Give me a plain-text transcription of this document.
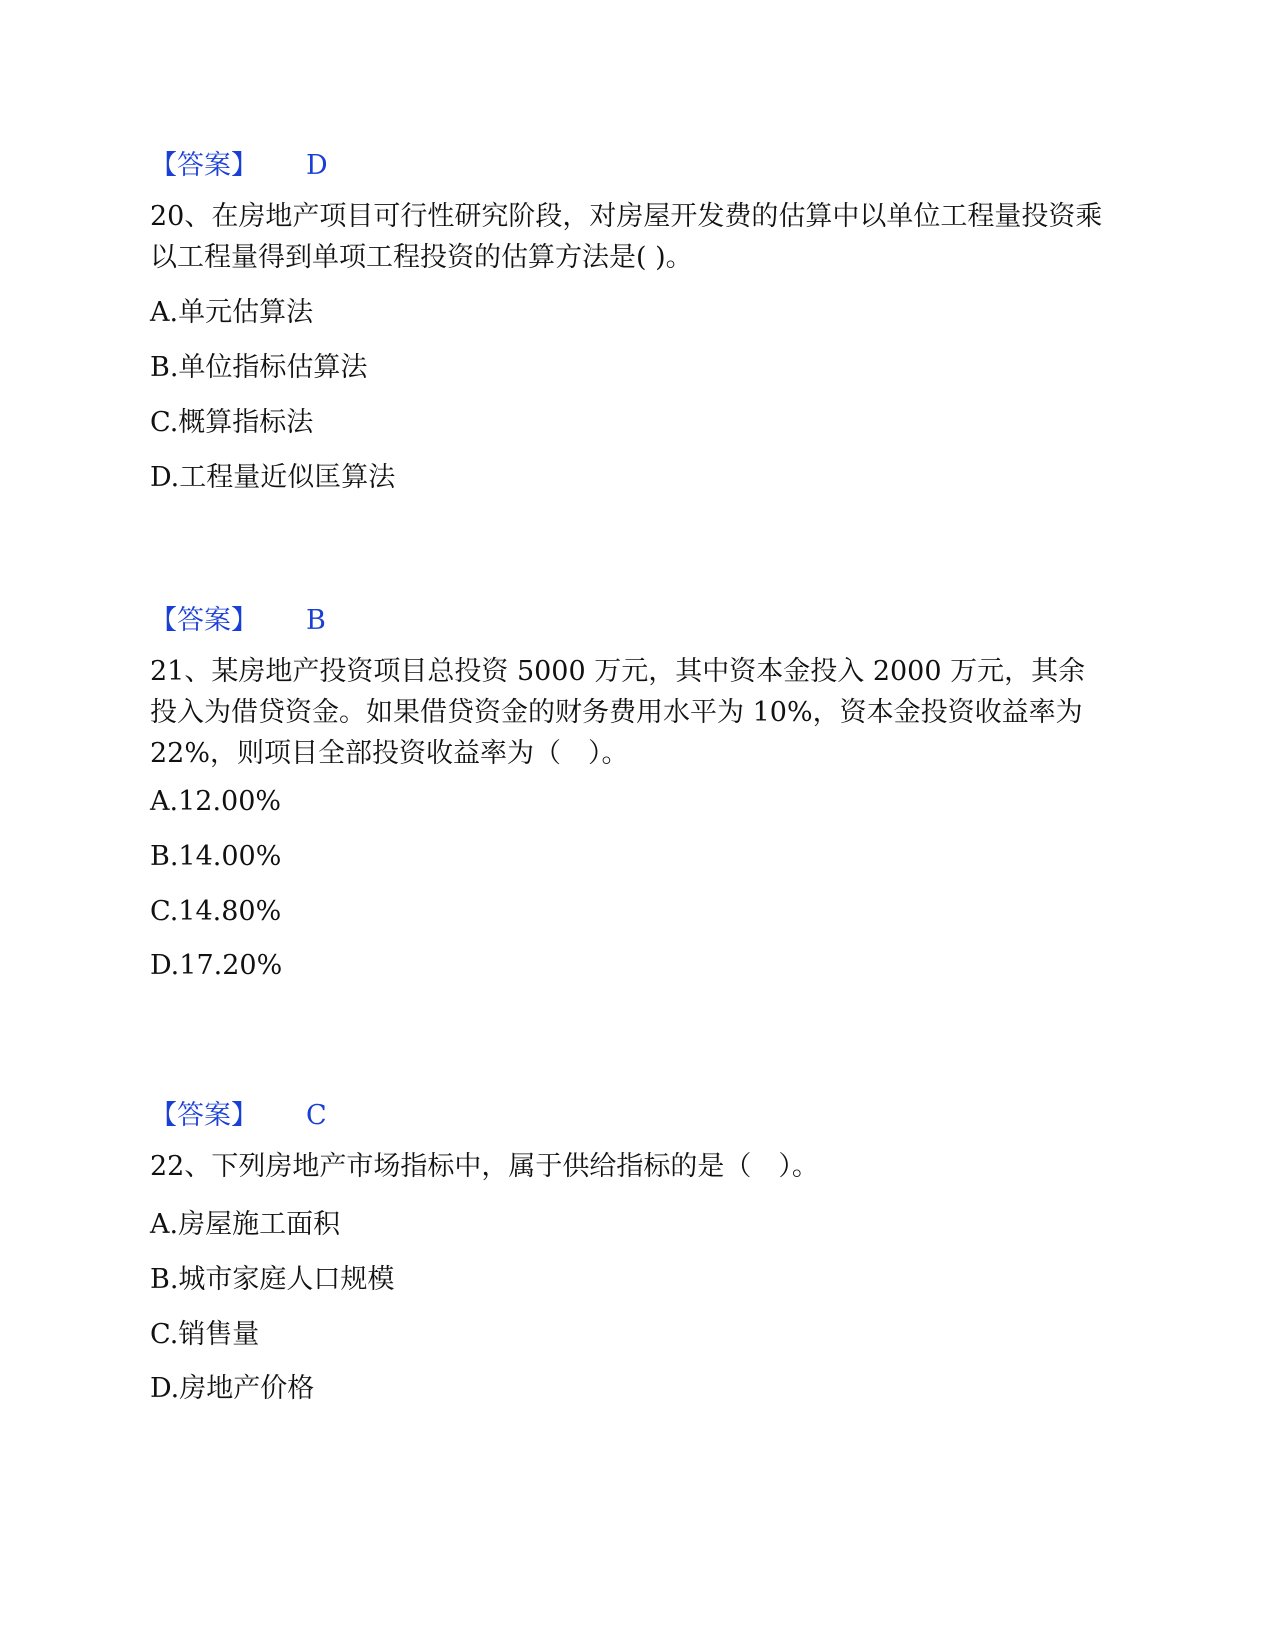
【答案】 D
20、在房地产项目可行性研究阶段，对房屋开发费的估算中以单位工程量投资乘以工程量得到单项工程投资的估算方法是( )。
A.单元估算法
B.单位指标估算法
C.概算指标法
D.工程量近似匡算法
【答案】 B
21、某房地产投资项目总投资 5000 万元，其中资本金投入 2000 万元，其余投入为借贷资金。如果借贷资金的财务费用水平为 10%，资本金投资收益率为 22%，则项目全部投资收益率为（　）。
A.12.00%
B.14.00%
C.14.80%
D.17.20%
【答案】 C
22、下列房地产市场指标中，属于供给指标的是（　）。
A.房屋施工面积
B.城市家庭人口规模
C.销售量
D.房地产价格
